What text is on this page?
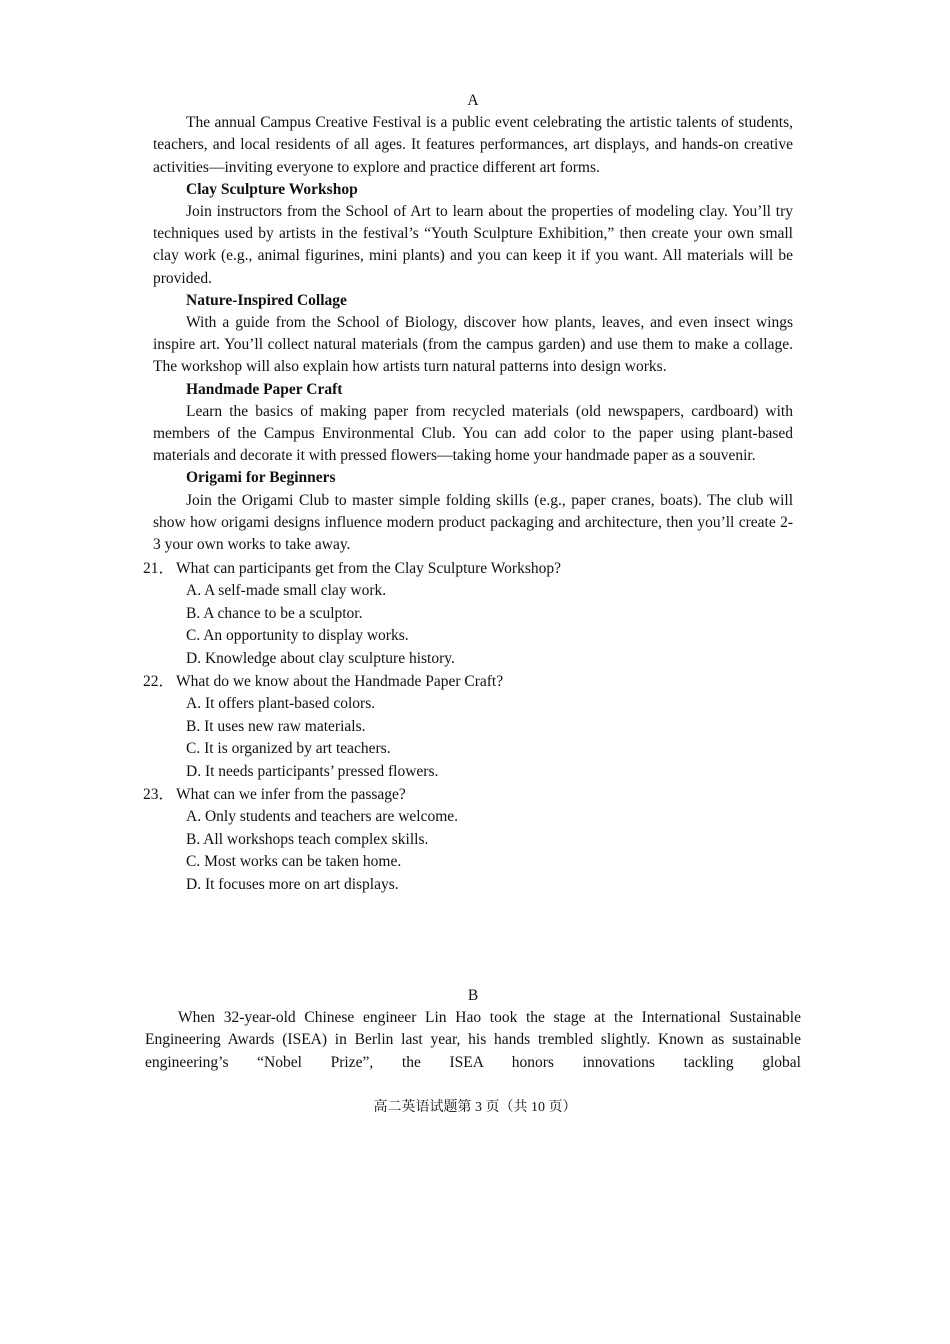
A

The annual Campus Creative Festival is a public event celebrating the artistic talents of students, teachers, and local residents of all ages. It features performances, art displays, and hands-on creative activities—inviting everyone to explore and practice different art forms.

Clay Sculpture Workshop

Join instructors from the School of Art to learn about the properties of modeling clay. You’ll try techniques used by artists in the festival’s “Youth Sculpture Exhibition,” then create your own small clay work (e.g., animal figurines, mini plants) and you can keep it if you want. All materials will be provided.

Nature-Inspired Collage

With a guide from the School of Biology, discover how plants, leaves, and even insect wings inspire art. You’ll collect natural materials (from the campus garden) and use them to make a collage. The workshop will also explain how artists turn natural patterns into design works.

Handmade Paper Craft

Learn the basics of making paper from recycled materials (old newspapers, cardboard) with members of the Campus Environmental Club. You can add color to the paper using plant-based materials and decorate it with pressed flowers—taking home your handmade paper as a souvenir.

Origami for Beginners

Join the Origami Club to master simple folding skills (e.g., paper cranes, boats). The club will show how origami designs influence modern product packaging and architecture, then you’ll create 2-3 your own works to take away.

21． What can participants get from the Clay Sculpture Workshop?

A. A self-made small clay work.
B. A chance to be a sculptor.
C. An opportunity to display works.
D. Knowledge about clay sculpture history.

22． What do we know about the Handmade Paper Craft?

A. It offers plant-based colors.
B. It uses new raw materials.
C. It is organized by art teachers.
D. It needs participants’ pressed flowers.

23． What can we infer from the passage?

A. Only students and teachers are welcome.
B. All workshops teach complex skills.
C. Most works can be taken home.
D. It focuses more on art displays.

B

When 32-year-old Chinese engineer Lin Hao took the stage at the International Sustainable Engineering Awards (ISEA) in Berlin last year, his hands trembled slightly. Known as sustainable engineering’s “Nobel Prize”, the ISEA honors innovations tackling global

高二英语试题第 3 页（共 10 页）
